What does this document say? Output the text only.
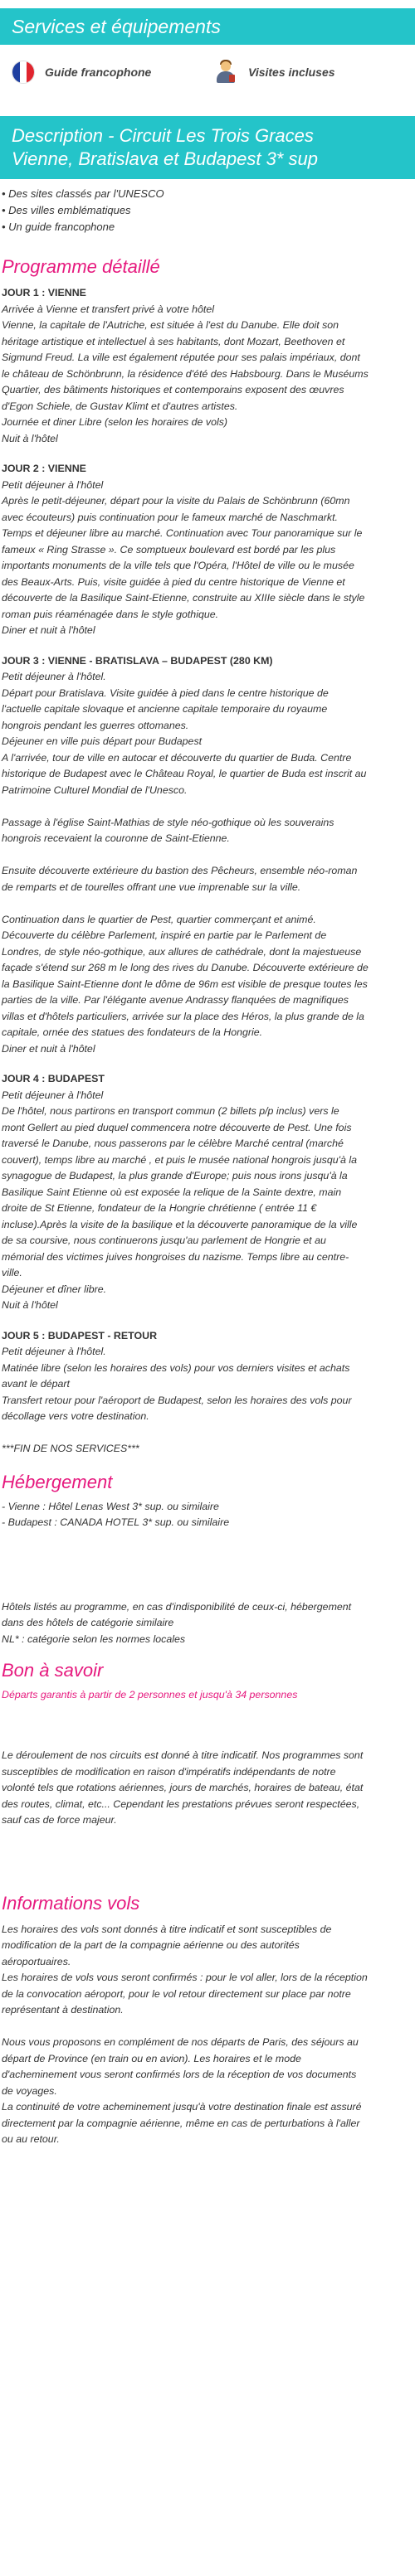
Services et équipements
Guide francophone	Visites incluses
Description - Circuit Les Trois Graces
Vienne, Bratislava et Budapest 3* sup
• Des sites classés par l'UNESCO
• Des villes emblématiques
• Un guide francophone
Programme détaillé

JOUR 1 : VIENNE

Arrivée à Vienne et transfert privé à votre hôtel

Vienne, la capitale de l'Autriche, est située à l'est du Danube. Elle doit son

héritage artistique et intellectuel à ses habitants, dont Mozart, Beethoven et

Sigmund Freud. La ville est également réputée pour ses palais impériaux, dont

le château de Schönbrunn, la résidence d'été des Habsbourg. Dans le Muséums

Quartier, des bâtiments historiques et contemporains exposent des œuvres

d'Egon Schiele, de Gustav Klimt et d'autres artistes.

Journée et diner Libre (selon les horaires de vols)

Nuit à l'hôtel

JOUR 2 : VIENNE

Petit déjeuner à l'hôtel

Après le petit-déjeuner, départ pour la visite du Palais de Schönbrunn (60mn

avec écouteurs) puis continuation pour le fameux marché de Naschmarkt.

Temps et déjeuner libre au marché. Continuation avec Tour panoramique sur le

fameux « Ring Strasse ». Ce somptueux boulevard est bordé par les plus

importants monuments de la ville tels que l'Opéra, l'Hôtel de ville ou le musée

des Beaux-Arts. Puis, visite guidée à pied du centre historique de Vienne et

découverte de la Basilique Saint-Etienne, construite au XIIIe siècle dans le style

roman puis réaménagée dans le style gothique.

Diner et nuit à l'hôtel

JOUR 3 : VIENNE - BRATISLAVA – BUDAPEST (280 KM)

Petit déjeuner à l'hôtel.

Départ pour Bratislava. Visite guidée à pied dans le centre historique de

l'actuelle capitale slovaque et ancienne capitale temporaire du royaume

hongrois pendant les guerres ottomanes.

Déjeuner en ville puis départ pour Budapest

A l'arrivée, tour de ville en autocar et découverte du quartier de Buda. Centre

historique de Budapest avec le Château Royal, le quartier de Buda est inscrit au

Patrimoine Culturel Mondial de l'Unesco.

Passage à l'église Saint-Mathias de style néo-gothique où les souverains

hongrois recevaient la couronne de Saint-Etienne.

Ensuite découverte extérieure du bastion des Pêcheurs, ensemble néo-roman

de remparts et de tourelles offrant une vue imprenable sur la ville.

Continuation dans le quartier de Pest, quartier commerçant et animé.

Découverte du célèbre Parlement, inspiré en partie par le Parlement de

Londres, de style néo-gothique, aux allures de cathédrale, dont la majestueuse

façade s'étend sur 268 m le long des rives du Danube. Découverte extérieure de

la Basilique Saint-Etienne dont le dôme de 96m est visible de presque toutes les

parties de la ville. Par l'élégante avenue Andrassy flanquées de magnifiques

villas et d'hôtels particuliers, arrivée sur la place des Héros, la plus grande de la

capitale, ornée des statues des fondateurs de la Hongrie.

Diner et nuit à l'hôtel

JOUR 4 : BUDAPEST

Petit déjeuner à l'hôtel

De l'hôtel, nous partirons en transport commun (2 billets p/p inclus) vers le

mont Gellert au pied duquel commencera notre découverte de Pest. Une fois

traversé le Danube, nous passerons par le célèbre Marché central (marché

couvert), temps libre au marché , et puis le musée national hongrois jusqu'à la

synagogue de Budapest, la plus grande d'Europe; puis nous irons jusqu'à la

Basilique Saint Etienne où est exposée la relique de la Sainte dextre, main

droite de St Etienne, fondateur de la Hongrie chrétienne ( entrée 11 €

incluse).Après la visite de la basilique et la découverte panoramique de la ville

de sa coursive, nous continuerons jusqu'au parlement de Hongrie et au

mémorial des victimes juives hongroises du nazisme. Temps libre au centre-

ville.

Déjeuner et dîner libre.

Nuit à l'hôtel

JOUR 5 : BUDAPEST - RETOUR

Petit déjeuner à l'hôtel.

Matinée libre (selon les horaires des vols) pour vos derniers visites et achats

avant le départ

Transfert retour pour l'aéroport de Budapest, selon les horaires des vols pour

décollage vers votre destination.

***FIN DE NOS SERVICES***

Hébergement

- Vienne : Hôtel Lenas West 3* sup. ou similaire

- Budapest : CANADA HOTEL 3* sup. ou similaire

Hôtels listés au programme, en cas d'indisponibilité de ceux-ci, hébergement

dans des hôtels de catégorie similaire

NL* : catégorie selon les normes locales

Bon à savoir
Départs garantis à partir de 2 personnes et jusqu'à 34 personnes

Le déroulement de nos circuits est donné à titre indicatif. Nos programmes sont

susceptibles de modification en raison d'impératifs indépendants de notre

volonté tels que rotations aériennes, jours de marchés, horaires de bateau, état

des routes, climat, etc... Cependant les prestations prévues seront respectées,

sauf cas de force majeur.

Informations vols

Les horaires des vols sont donnés à titre indicatif et sont susceptibles de

modification de la part de la compagnie aérienne ou des autorités

aéroportuaires.

Les horaires de vols vous seront confirmés : pour le vol aller, lors de la réception

de la convocation aéroport, pour le vol retour directement sur place par notre

représentant à destination.

Nous vous proposons en complément de nos départs de Paris, des séjours au

départ de Province (en train ou en avion). Les horaires et le mode

d'acheminement vous seront confirmés lors de la réception de vos documents

de voyages.

La continuité de votre acheminement jusqu'à votre destination finale est assuré

directement par la compagnie aérienne, même en cas de perturbations à l'aller

ou au retour.
